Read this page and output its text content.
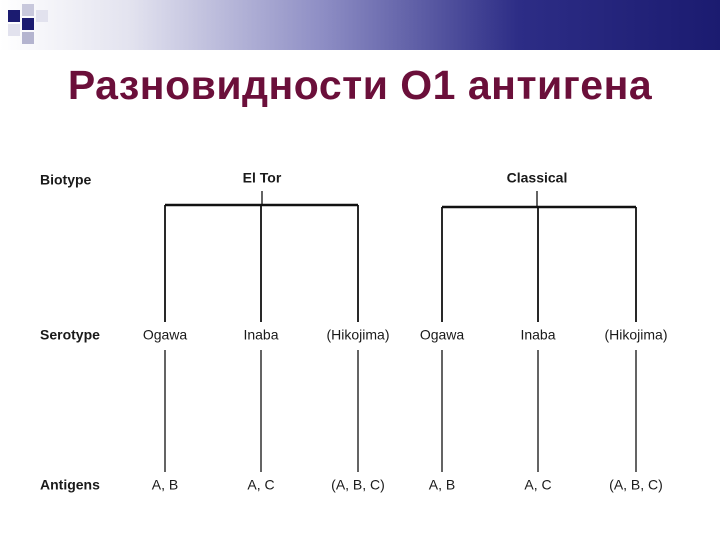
Разновидности О1 антигена
Biotype
Serotype
Antigens
El Tor
Ogawa
A, B
Inaba
A, C
(Hikojima)
(A, B, C)
Classical
Ogawa
A, B
Inaba
A, C
(Hikojima)
(A, B, C)
